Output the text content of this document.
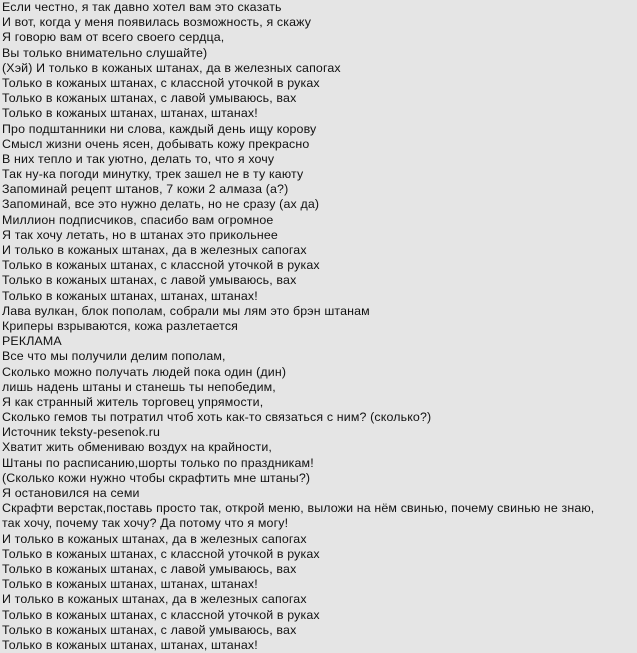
Если честно, я так давно хотел вам это сказать
И вот, когда у меня появилась возможность, я скажу
Я говорю вам от всего своего сердца,
Вы только внимательно слушайте)
(Хэй) И только в кожаных штанах, да в железных сапогах
Только в кожаных штанах, с классной уточкой в руках
Только в кожаных штанах, с лавой умываюсь, вах
Только в кожаных штанах, штанах, штанах!
Про подштанники ни слова, каждый день ищу корову
Смысл жизни очень ясен, добывать кожу прекрасно
В них тепло и так уютно, делать то, что я хочу
Так ну-ка погоди минутку, трек зашел не в ту каюту
Запоминай рецепт штанов, 7 кожи 2 алмаза (а?)
Запоминай, все это нужно делать, но не сразу (ах да)
Миллион подписчиков, спасибо вам огромное
Я так хочу летать, но в штанах это прикольнее
И только в кожаных штанах, да в железных сапогах
Только в кожаных штанах, с классной уточкой в руках
Только в кожаных штанах, с лавой умываюсь, вах
Только в кожаных штанах, штанах, штанах!
Лава вулкан, блок пополам, собрали мы лям это брэн штанам
Криперы взрываются, кожа разлетается
РЕКЛАМА
Все что мы получили делим пополам,
Сколько можно получать людей пока один (дин)
лишь надень штаны и станешь ты непобедим,
Я как странный житель торговец упрямости,
Сколько гемов ты потратил чтоб хоть как-то связаться с ним? (сколько?)
Источник teksty-pesenok.ru
Хватит жить обмениваю воздух на крайности,
Штаны по расписанию,шорты только по праздникам!
(Сколько кожи нужно чтобы скрафтить мне штаны?)
Я остановился на семи
Скрафти верстак,поставь просто так, открой меню, выложи на нём свинью, почему свинью не знаю,
так хочу, почему так хочу? Да потому что я могу!
И только в кожаных штанах, да в железных сапогах
Только в кожаных штанах, с классной уточкой в руках
Только в кожаных штанах, с лавой умываюсь, вах
Только в кожаных штанах, штанах, штанах!
И только в кожаных штанах, да в железных сапогах
Только в кожаных штанах, с классной уточкой в руках
Только в кожаных штанах, с лавой умываюсь, вах
Только в кожаных штанах, штанах, штанах!
